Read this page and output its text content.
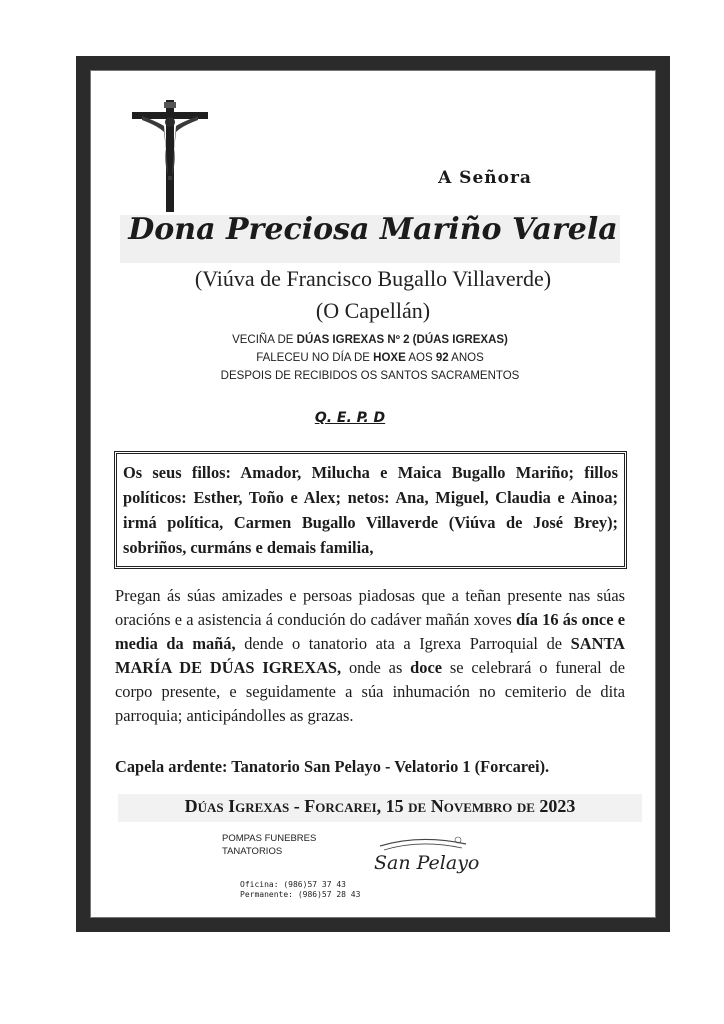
A Señora
Dona Preciosa Mariño Varela
(Viúva de Francisco Bugallo Villaverde)
(O Capellán)
VECIÑA DE DÚAS IGREXAS Nº 2 (DÚAS IGREXAS)
FALECEU NO DÍA DE HOXE AOS 92 ANOS
DESPOIS DE RECIBIDOS OS SANTOS SACRAMENTOS
Q. E. P. D
Os seus fillos: Amador, Milucha e Maica Bugallo Mariño; fillos políticos: Esther, Toño e Alex; netos: Ana, Miguel, Claudia e Ainoa; irmá política, Carmen Bugallo Villaverde (Viúva de José Brey); sobriños, curmáns e demais familia,
Pregan ás súas amizades e persoas piadosas que a teñan presente nas súas oracións e a asistencia á condución do cadáver mañán xoves día 16 ás once e media da mañá, dende o tanatorio ata a Igrexa Parroquial de SANTA MARÍA DE DÚAS IGREXAS, onde as doce se celebrará o funeral de corpo presente, e seguidamente a súa inhumación no cemiterio de dita parroquia; anticipándolles as grazas.
Capela ardente: Tanatorio San Pelayo - Velatorio 1 (Forcarei).
Dúas Igrexas - Forcarei, 15 de Novembro de 2023
POMPAS FUNEBRES
TANATORIOS
San Pelayo
Oficina: (986)57 37 43
Permanente: (986)57 28 43
